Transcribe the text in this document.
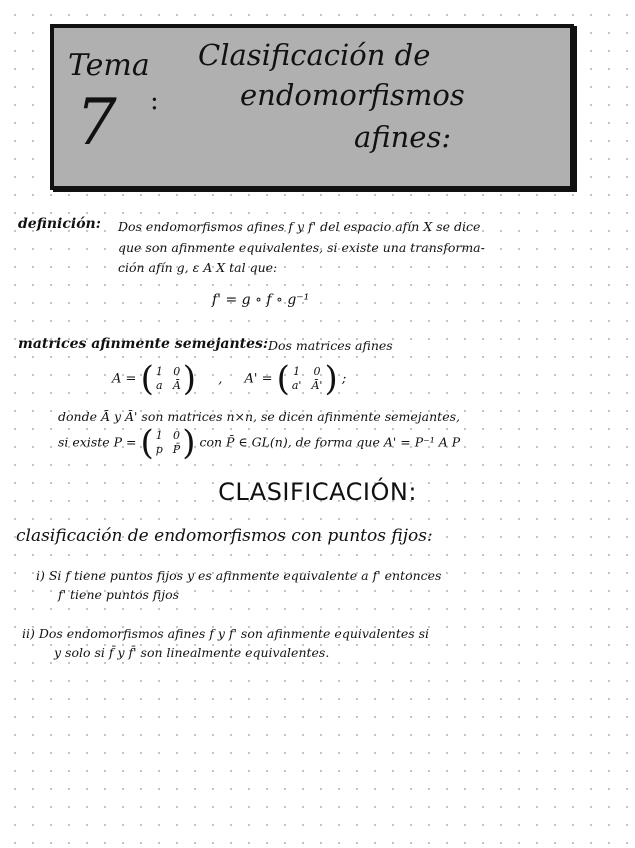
Tema
7 :
Clasificación de
endomorfismos
afines:
definición: Dos endomorfismos afines f y f' del espacio afín X se dice
que son afinmente equivalentes, si existe una transforma-
ción afín g, ε A X tal que:
f' = g ∘ f ∘ g⁻¹
matrices afinmente semejantes: Dos matrices afines
A = ( 1 0
a Ā ) , A' = ( 1 0
a' Ā' ) ;
donde Ā y Ā' son matrices n×n, se dicen afinmente semejantes,
si existe P = ( 1 0
p P̄ ) con P̄ ∈ GL(n), de forma que A' = P⁻¹ A P
CLASIFICACIÓN:
clasificación de endomorfismos con puntos fijos:
i) Si f tiene puntos fijos y es afinmente equivalente a f' entonces
f' tiene puntos fijos
ii) Dos endomorfismos afines f y f' son afinmente equivalentes si
y solo si f̄ y f̄' son linealmente equivalentes.
